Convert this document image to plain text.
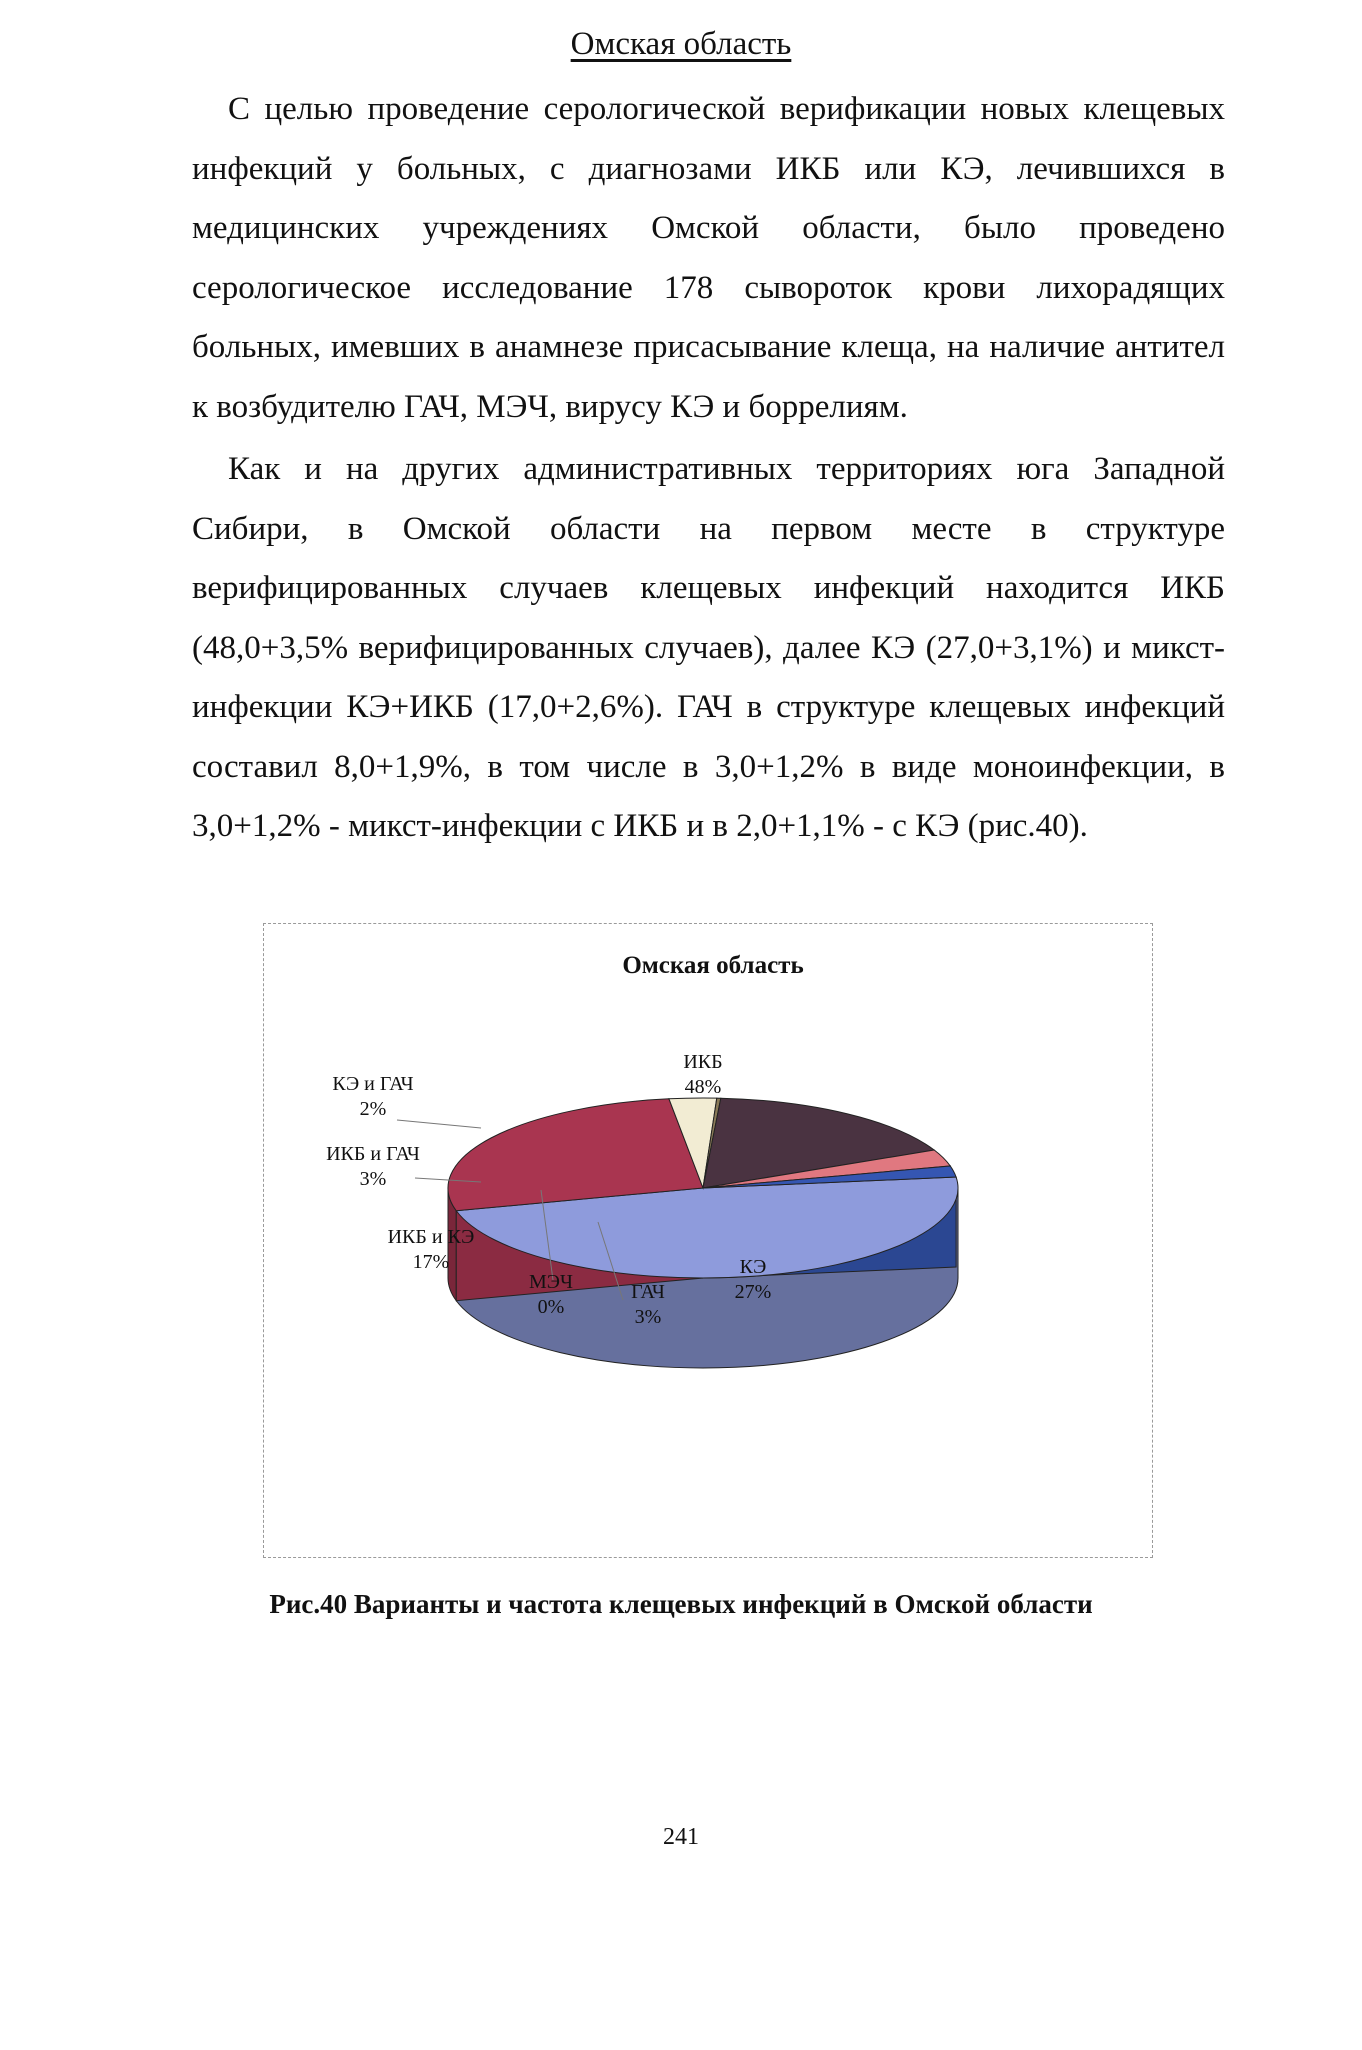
Омская область
С целью проведение серологической верификации новых клещевых инфекций у больных, с диагнозами ИКБ или КЭ, лечившихся в медицинских учреждениях Омской области, было проведено серологическое исследование 178 сывороток крови лихорадящих больных, имевших в анамнезе присасывание клеща, на наличие антител к возбудителю ГАЧ, МЭЧ, вирусу КЭ и боррелиям.
Как и на других административных территориях юга Западной Сибири, в Омской области на первом месте в структуре верифицированных случаев клещевых инфекций находится ИКБ (48,0+3,5% верифицированных случаев), далее КЭ (27,0+3,1%) и микст-инфекции КЭ+ИКБ (17,0+2,6%). ГАЧ в структуре клещевых инфекций составил 8,0+1,9%, в том числе в 3,0+1,2% в виде моноинфекции, в 3,0+1,2% - микст-инфекции с ИКБ и в 2,0+1,1% - с КЭ (рис.40).
Омская область
ИКБ
48%
КЭ
27%
ГАЧ
3%
МЭЧ
0%
ИКБ и КЭ
17%
ИКБ и ГАЧ
3%
КЭ и ГАЧ
2%
Рис.40 Варианты и частота клещевых инфекций в Омской области
241
